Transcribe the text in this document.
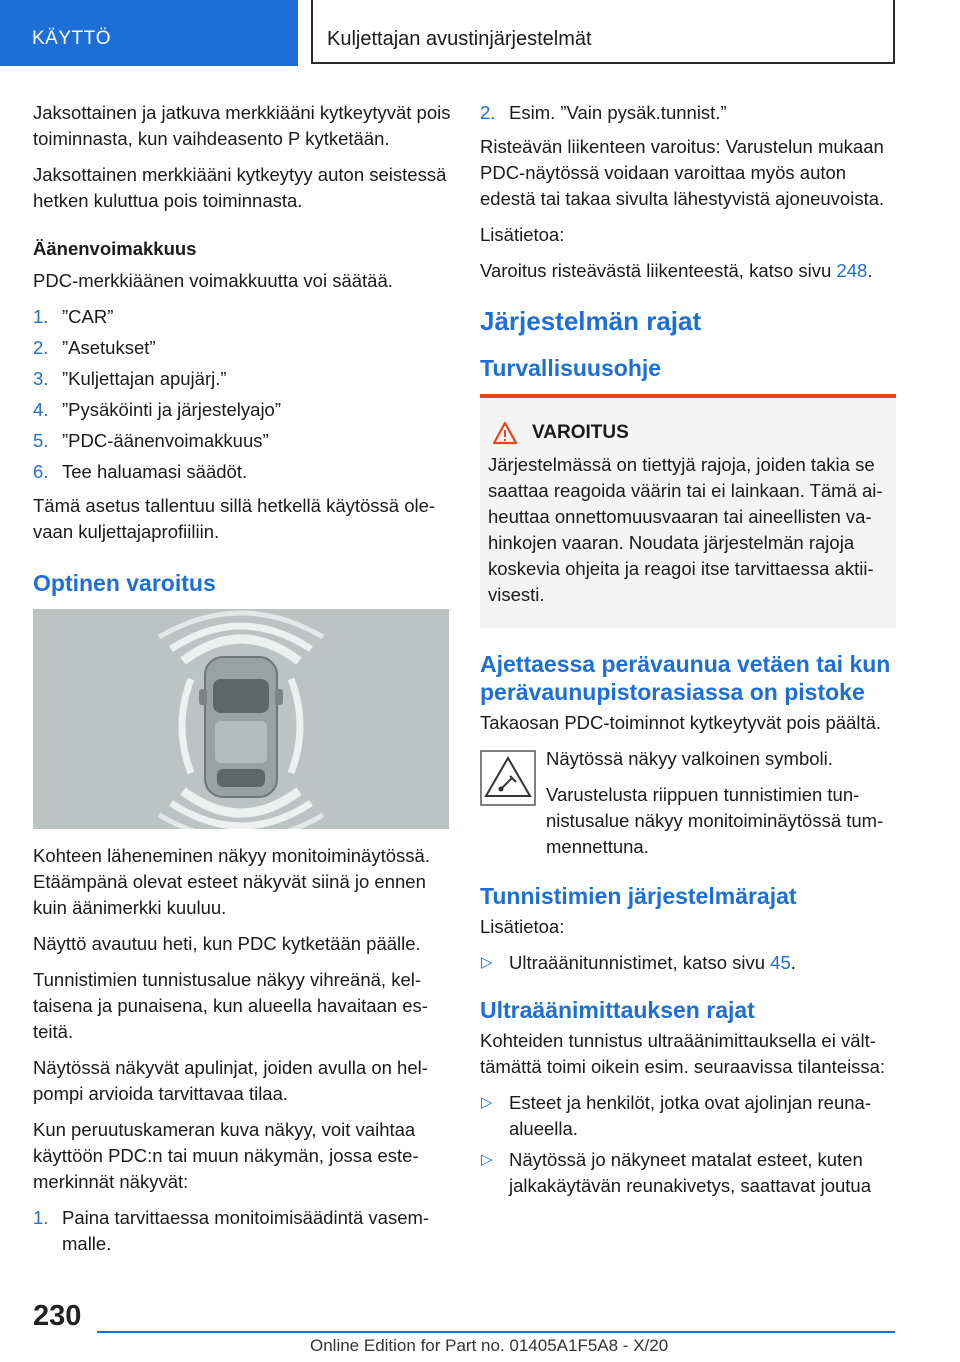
KÄYTTÖ	Kuljettajan avustinjärjestelmät

Jaksottainen ja jatkuva merkkiääni kytkeytyvät pois toiminnasta, kun vaihdeasento P kytketään.

Jaksottainen merkkiääni kytkeytyy auton seistessä hetken kuluttua pois toiminnasta.

Äänenvoimakkuus

PDC-merkkiäänen voimakkuutta voi säätää.

1. ”CAR”
2. ”Asetukset”
3. ”Kuljettajan apujärj.”
4. ”Pysäköinti ja järjestelyajo”
5. ”PDC-äänenvoimakkuus”
6. Tee haluamasi säädöt.

Tämä asetus tallentuu sillä hetkellä käytössä olevaan kuljettajaprofiiliin.

Optinen varoitus

Kohteen läheneminen näkyy monitoiminäytössä. Etäämpänä olevat esteet näkyvät siinä jo ennen kuin äänimerkki kuuluu.

Näyttö avautuu heti, kun PDC kytketään päälle.

Tunnistimien tunnistusalue näkyy vihreänä, keltaisena ja punaisena, kun alueella havaitaan esteitä.

Näytössä näkyvät apulinjat, joiden avulla on helpompi arvioida tarvittavaa tilaa.

Kun peruutuskameran kuva näkyy, voit vaihtaa käyttöön PDC:n tai muun näkymän, jossa estemerkinnät näkyvät:

1. Paina tarvittaessa monitoimisäädintä vasemmalle.
2. Esim. ”Vain pysäk.tunnist.”

Risteävän liikenteen varoitus: Varustelun mukaan PDC-näytössä voidaan varoittaa myös auton edestä tai takaa sivulta lähestyvistä ajoneuvoista.

Lisätietoa:

Varoitus risteävästä liikenteestä, katso sivu 248.

Järjestelmän rajat
Turvallisuusohje
VAROITUS
Järjestelmässä on tiettyjä rajoja, joiden takia se saattaa reagoida väärin tai ei lainkaan. Tämä aiheuttaa onnettomuusvaaran tai aineellisten vahinkojen vaaran. Noudata järjestelmän rajoja koskevia ohjeita ja reagoi itse tarvittaessa aktiivisesti.
Ajettaessa perävaunua vetäen tai kun perävaunupistorasiassa on pistoke

Takaosan PDC-toiminnot kytkeytyvät pois päältä.

Näytössä näkyy valkoinen symboli.

Varustelusta riippuen tunnistimien tunnistusalue näkyy monitoiminäytössä tummennettuna.

Tunnistimien järjestelmärajat

Lisätietoa:

▷ Ultraäänitunnistimet, katso sivu 45.
Ultraäänimittauksen rajat

Kohteiden tunnistus ultraäänimittauksella ei välttämättä toimi oikein esim. seuraavissa tilanteissa:

▷ Esteet ja henkilöt, jotka ovat ajolinjan reunaalueella.
▷ Näytössä jo näkyneet matalat esteet, kuten jalkakäytävän reunakivetys, saattavat joutua
230
Online Edition for Part no. 01405A1F5A8 - X/20
